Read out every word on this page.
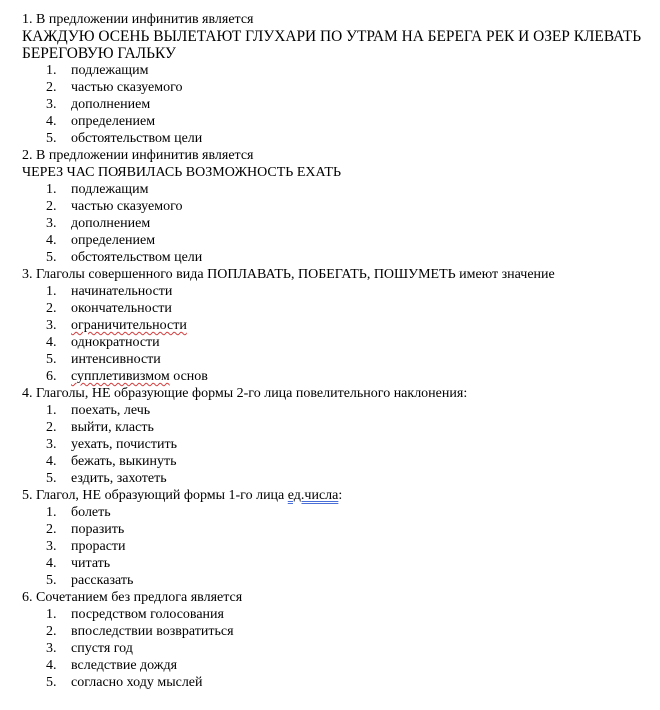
1. В предложении инфинитив является
КАЖДУЮ ОСЕНЬ ВЫЛЕТАЮТ ГЛУХАРИ ПО УТРАМ НА БЕРЕГА РЕК И ОЗЕР КЛЕВАТЬ
БЕРЕГОВУЮ ГАЛЬКУ
1. подлежащим
2. частью сказуемого
3. дополнением
4. определением
5. обстоятельством цели
2. В предложении инфинитив является
ЧЕРЕЗ ЧАС ПОЯВИЛАСЬ ВОЗМОЖНОСТЬ ЕХАТЬ
1. подлежащим
2. частью сказуемого
3. дополнением
4. определением
5. обстоятельством цели
3. Глаголы совершенного вида ПОПЛАВАТЬ, ПОБЕГАТЬ, ПОШУМЕТЬ имеют значение
1. начинательности
2. окончательности
3. ограничительности
4. однократности
5. интенсивности
6. супплетивизмом основ
4. Глаголы, НЕ образующие формы 2-го лица повелительного наклонения:
1. поехать, лечь
2. выйти, класть
3. уехать, почистить
4. бежать, выкинуть
5. ездить, захотеть
5. Глагол, НЕ образующий формы 1-го лица ед.числа:
1. болеть
2. поразить
3. прорасти
4. читать
5. рассказать
6. Сочетанием без предлога является
1. посредством голосования
2. впоследствии возвратиться
3. спустя год
4. вследствие дождя
5. согласно ходу мыслей
